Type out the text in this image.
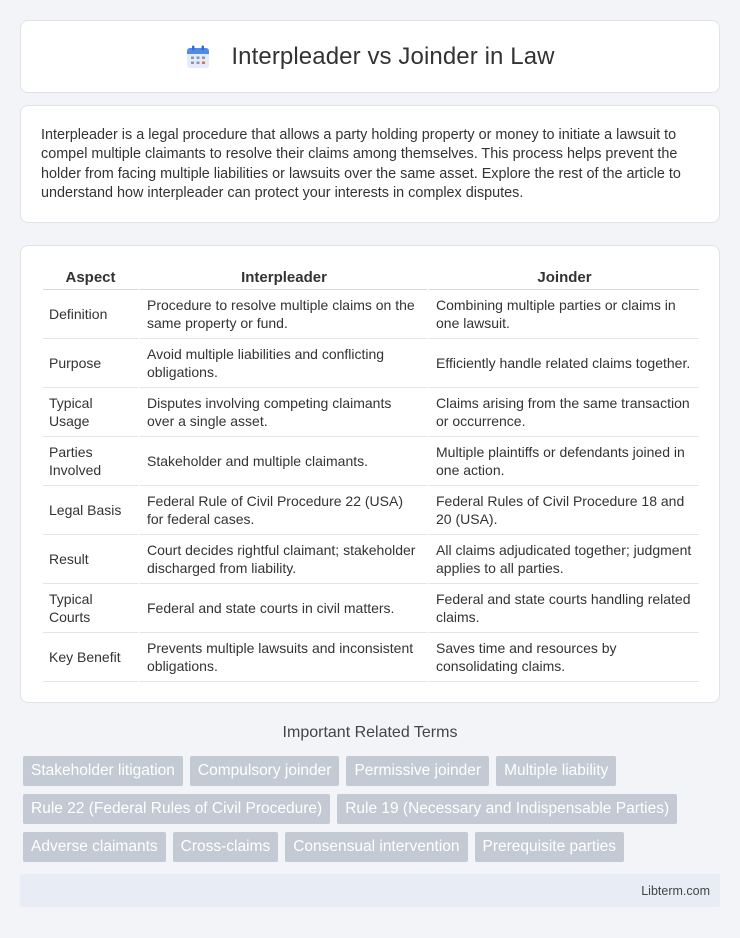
Interpleader vs Joinder in Law

Interpleader is a legal procedure that allows a party holding property or money to initiate a lawsuit to compel multiple claimants to resolve their claims among themselves. This process helps prevent the holder from facing multiple liabilities or lawsuits over the same asset. Explore the rest of the article to understand how interpleader can protect your interests in complex disputes.

Aspect	Interpleader	Joinder
Definition	Procedure to resolve multiple claims on the same property or fund.	Combining multiple parties or claims in one lawsuit.
Purpose	Avoid multiple liabilities and conflicting obligations.	Efficiently handle related claims together.
Typical Usage	Disputes involving competing claimants over a single asset.	Claims arising from the same transaction or occurrence.
Parties Involved	Stakeholder and multiple claimants.	Multiple plaintiffs or defendants joined in one action.
Legal Basis	Federal Rule of Civil Procedure 22 (USA) for federal cases.	Federal Rules of Civil Procedure 18 and 20 (USA).
Result	Court decides rightful claimant; stakeholder discharged from liability.	All claims adjudicated together; judgment applies to all parties.
Typical Courts	Federal and state courts in civil matters.	Federal and state courts handling related claims.
Key Benefit	Prevents multiple lawsuits and inconsistent obligations.	Saves time and resources by consolidating claims.
Important Related Terms
Stakeholder litigation	Compulsory joinder	Permissive joinder	Multiple liability
Rule 22 (Federal Rules of Civil Procedure)	Rule 19 (Necessary and Indispensable Parties)
Adverse claimants	Cross-claims	Consensual intervention	Prerequisite parties
Libterm.com
